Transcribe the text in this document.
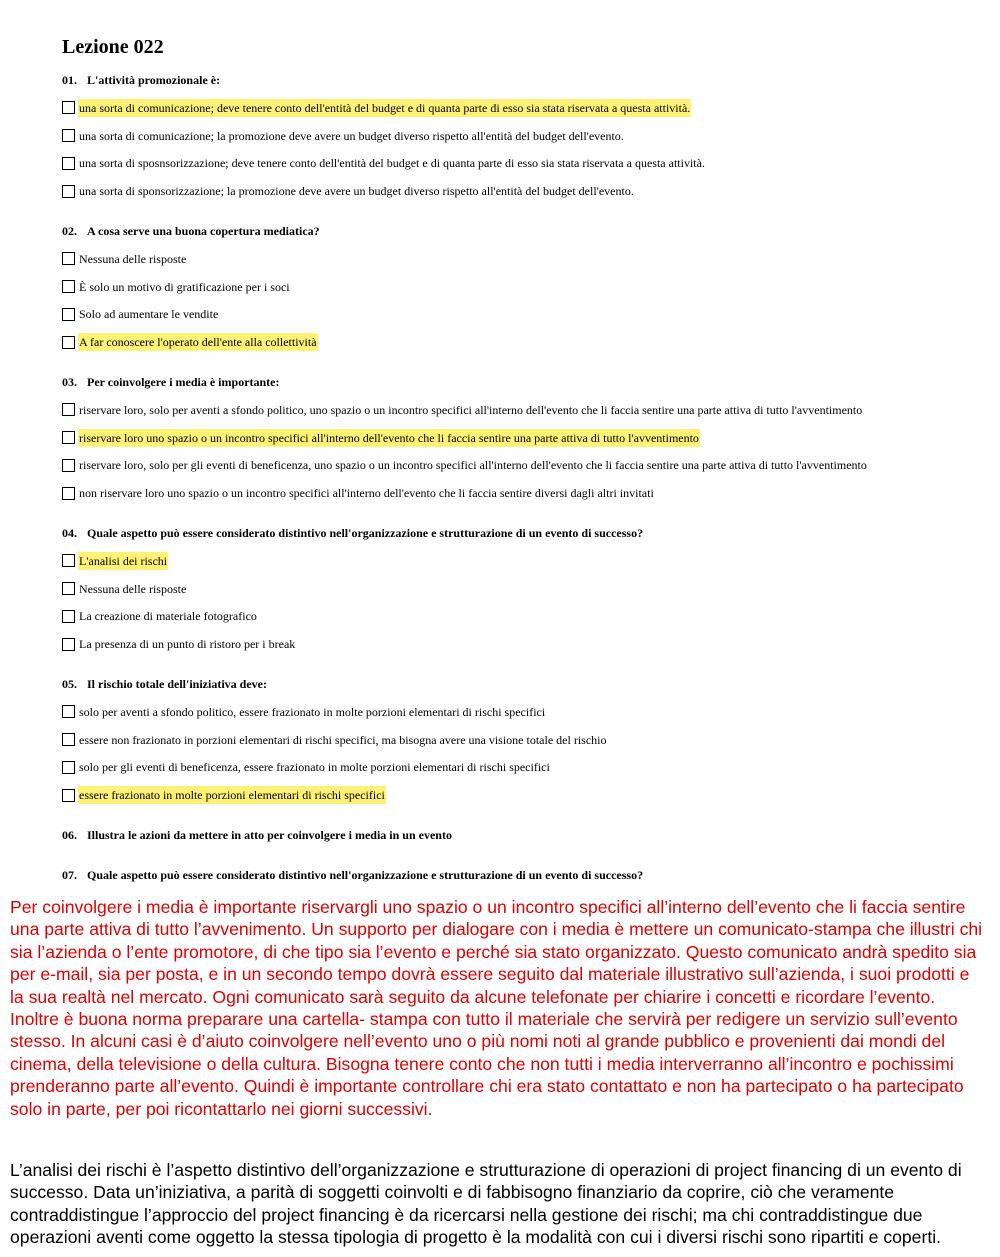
Lezione 022
01. L'attività promozionale è:
una sorta di comunicazione; deve tenere conto dell'entità del budget e di quanta parte di esso sia stata riservata a questa attività.
una sorta di comunicazione; la promozione deve avere un budget diverso rispetto all'entità del budget dell'evento.
una sorta di sposnsorizzazione; deve tenere conto dell'entità del budget e di quanta parte di esso sia stata riservata a questa attività.
una sorta di sponsorizzazione; la promozione deve avere un budget diverso rispetto all'entità del budget dell'evento.
02. A cosa serve una buona copertura mediatica?
Nessuna delle risposte
È solo un motivo di gratificazione per i soci
Solo ad aumentare le vendite
A far conoscere l'operato dell'ente alla collettività
03. Per coinvolgere i media è importante:
riservare loro, solo per aventi a sfondo politico, uno spazio o un incontro specifici all'interno dell'evento che li faccia sentire una parte attiva di tutto l'avventimento
riservare loro uno spazio o un incontro specifici all'interno dell'evento che li faccia sentire una parte attiva di tutto l'avventimento
riservare loro, solo per gli eventi di beneficenza, uno spazio o un incontro specifici all'interno dell'evento che li faccia sentire una parte attiva di tutto l'avventimento
non riservare loro uno spazio o un incontro specifici all'interno dell'evento che li faccia sentire diversi dagli altri invitati
04. Quale aspetto può essere considerato distintivo nell'organizzazione e strutturazione di un evento di successo?
L'analisi dei rischi
Nessuna delle risposte
La creazione di materiale fotografico
La presenza di un punto di ristoro per i break
05. Il rischio totale dell'iniziativa deve:
solo per aventi a sfondo politico, essere frazionato in molte porzioni elementari di rischi specifici
essere non frazionato in porzioni elementari di rischi specifici, ma bisogna avere una visione totale del rischio
solo per gli eventi di beneficenza, essere frazionato in molte porzioni elementari di rischi specifici
essere frazionato in molte porzioni elementari di rischi specifici
06. Illustra le azioni da mettere in atto per coinvolgere i media in un evento
07. Quale aspetto può essere considerato distintivo nell'organizzazione e strutturazione di un evento di successo?

Per coinvolgere i media è importante riservargli uno spazio o un incontro specifici all’interno dell’evento che li faccia sentire una parte attiva di tutto l’avvenimento. Un supporto per dialogare con i media è mettere un comunicato-stampa che illustri chi sia l’azienda o l’ente promotore, di che tipo sia l’evento e perché sia stato organizzato. Questo comunicato andrà spedito sia per e-mail, sia per posta, e in un secondo tempo dovrà essere seguito dal materiale illustrativo sull’azienda, i suoi prodotti e la sua realtà nel mercato. Ogni comunicato sarà seguito da alcune telefonate per chiarire i concetti e ricordare l’evento. Inoltre è buona norma preparare una cartella- stampa con tutto il materiale che servirà per redigere un servizio sull’evento stesso. In alcuni casi è d’aiuto coinvolgere nell’evento uno o più nomi noti al grande pubblico e provenienti dai mondi del cinema, della televisione o della cultura. Bisogna tenere conto che non tutti i media interverranno all’incontro e pochissimi prenderanno parte all’evento. Quindi è importante controllare chi era stato contattato e non ha partecipato o ha partecipato solo in parte, per poi ricontattarlo nei giorni successivi.

L’analisi dei rischi è l’aspetto distintivo dell’organizzazione e strutturazione di operazioni di project financing di un evento di successo. Data un’iniziativa, a parità di soggetti coinvolti e di fabbisogno finanziario da coprire, ciò che veramente contraddistingue l’approccio del project financing è da ricercarsi nella gestione dei rischi; ma chi contraddistingue due operazioni aventi come oggetto la stessa tipologia di progetto è la modalità con cui i diversi rischi sono ripartiti e coperti.
